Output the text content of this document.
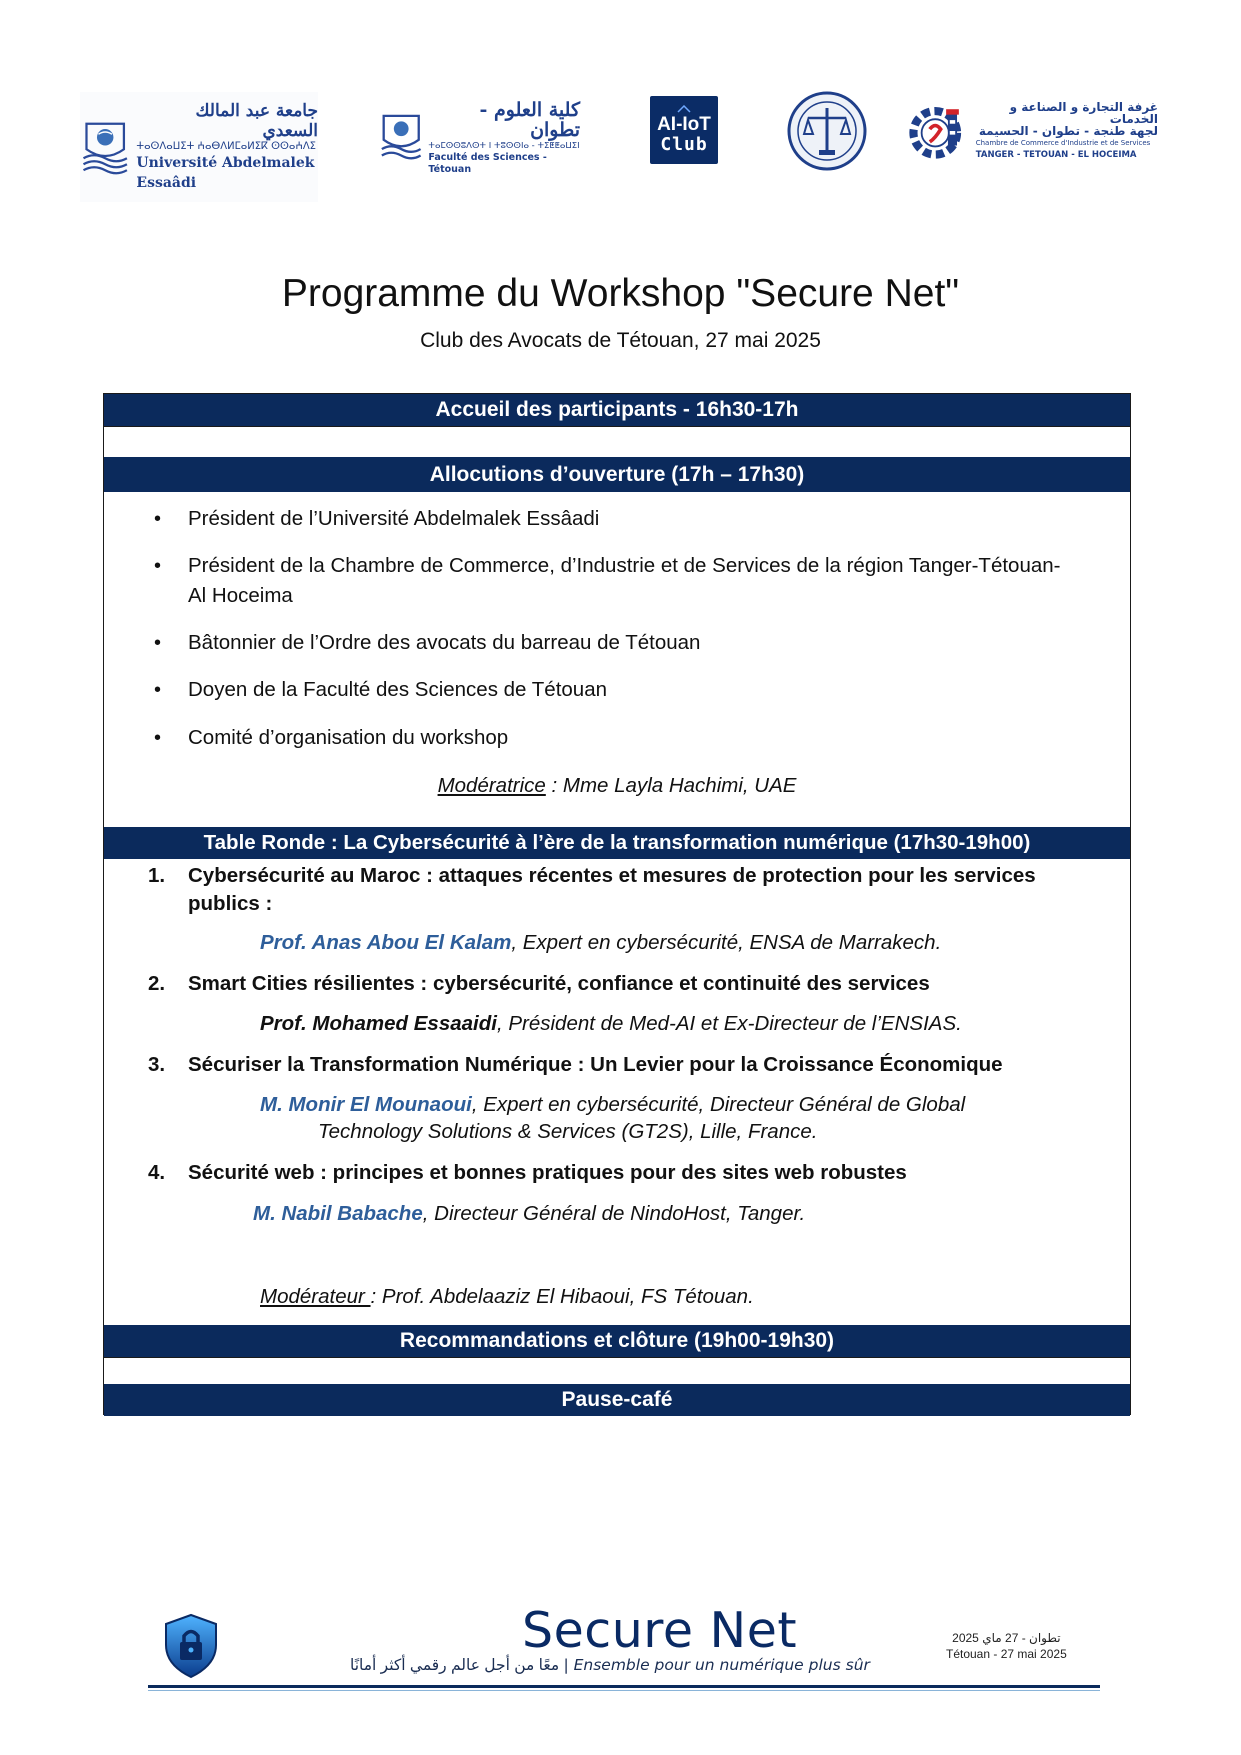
جامعة عبد المالك السعدي
ⵜⴰⵙⴷⴰⵡⵉⵜ ⵄⴰⴱⴷⵍⵎⴰⵍⵉⴽ ⵙⵙⴰⵄⴷⵉ
Université Abdelmalek Essaâdi
كلية العلوم - تطوان
ⵜⴰⵎⵙⵙⵓⴷⵙⵜ ⵏ ⵜⵓⵙⵙⵏⴰ - ⵜⵉⵟⵟⴰⵡⵉⵏ
Faculté des Sciences - Tétouan
AI-IoT
Club
غرفة التجارة و الصناعة و الخدمات
لجهة طنجة - تطوان - الحسيمة
Chambre de Commerce d'Industrie et de Services
TANGER - TETOUAN - EL HOCEIMA
Programme du Workshop "Secure Net"
Club des Avocats de Tétouan, 27 mai 2025
Accueil des participants - 16h30-17h
Allocutions d’ouverture (17h – 17h30)
• Président de l’Université Abdelmalek Essâadi
• Président de la Chambre de Commerce, d’Industrie et de Services de la région Tanger-Tétouan-
Al Hoceima
• Bâtonnier de l’Ordre des avocats du barreau de Tétouan
• Doyen de la Faculté des Sciences de Tétouan
• Comité d’organisation du workshop
Modératrice : Mme Layla Hachimi, UAE
Table Ronde : La Cybersécurité à l’ère de la transformation numérique (17h30-19h00)
1. Cybersécurité au Maroc : attaques récentes et mesures de protection pour les services
publics :
Prof. Anas Abou El Kalam, Expert en cybersécurité, ENSA de Marrakech.
2. Smart Cities résilientes : cybersécurité, confiance et continuité des services
Prof. Mohamed Essaaidi, Président de Med-AI et Ex-Directeur de l’ENSIAS.
3. Sécuriser la Transformation Numérique : Un Levier pour la Croissance Économique
M. Monir El Mounaoui, Expert en cybersécurité, Directeur Général de Global
Technology Solutions & Services (GT2S), Lille, France.
4. Sécurité web : principes et bonnes pratiques pour des sites web robustes
M. Nabil Babache, Directeur Général de NindoHost, Tanger.
Modérateur : Prof. Abdelaaziz El Hibaoui, FS Tétouan.
Recommandations et clôture (19h00-19h30)
Pause-café
Secure Net
معًا من أجل عالم رقمي أكثر أمانًا | Ensemble pour un numérique plus sûr
تطوان - 27 ماي 2025
Tétouan - 27 mai 2025
